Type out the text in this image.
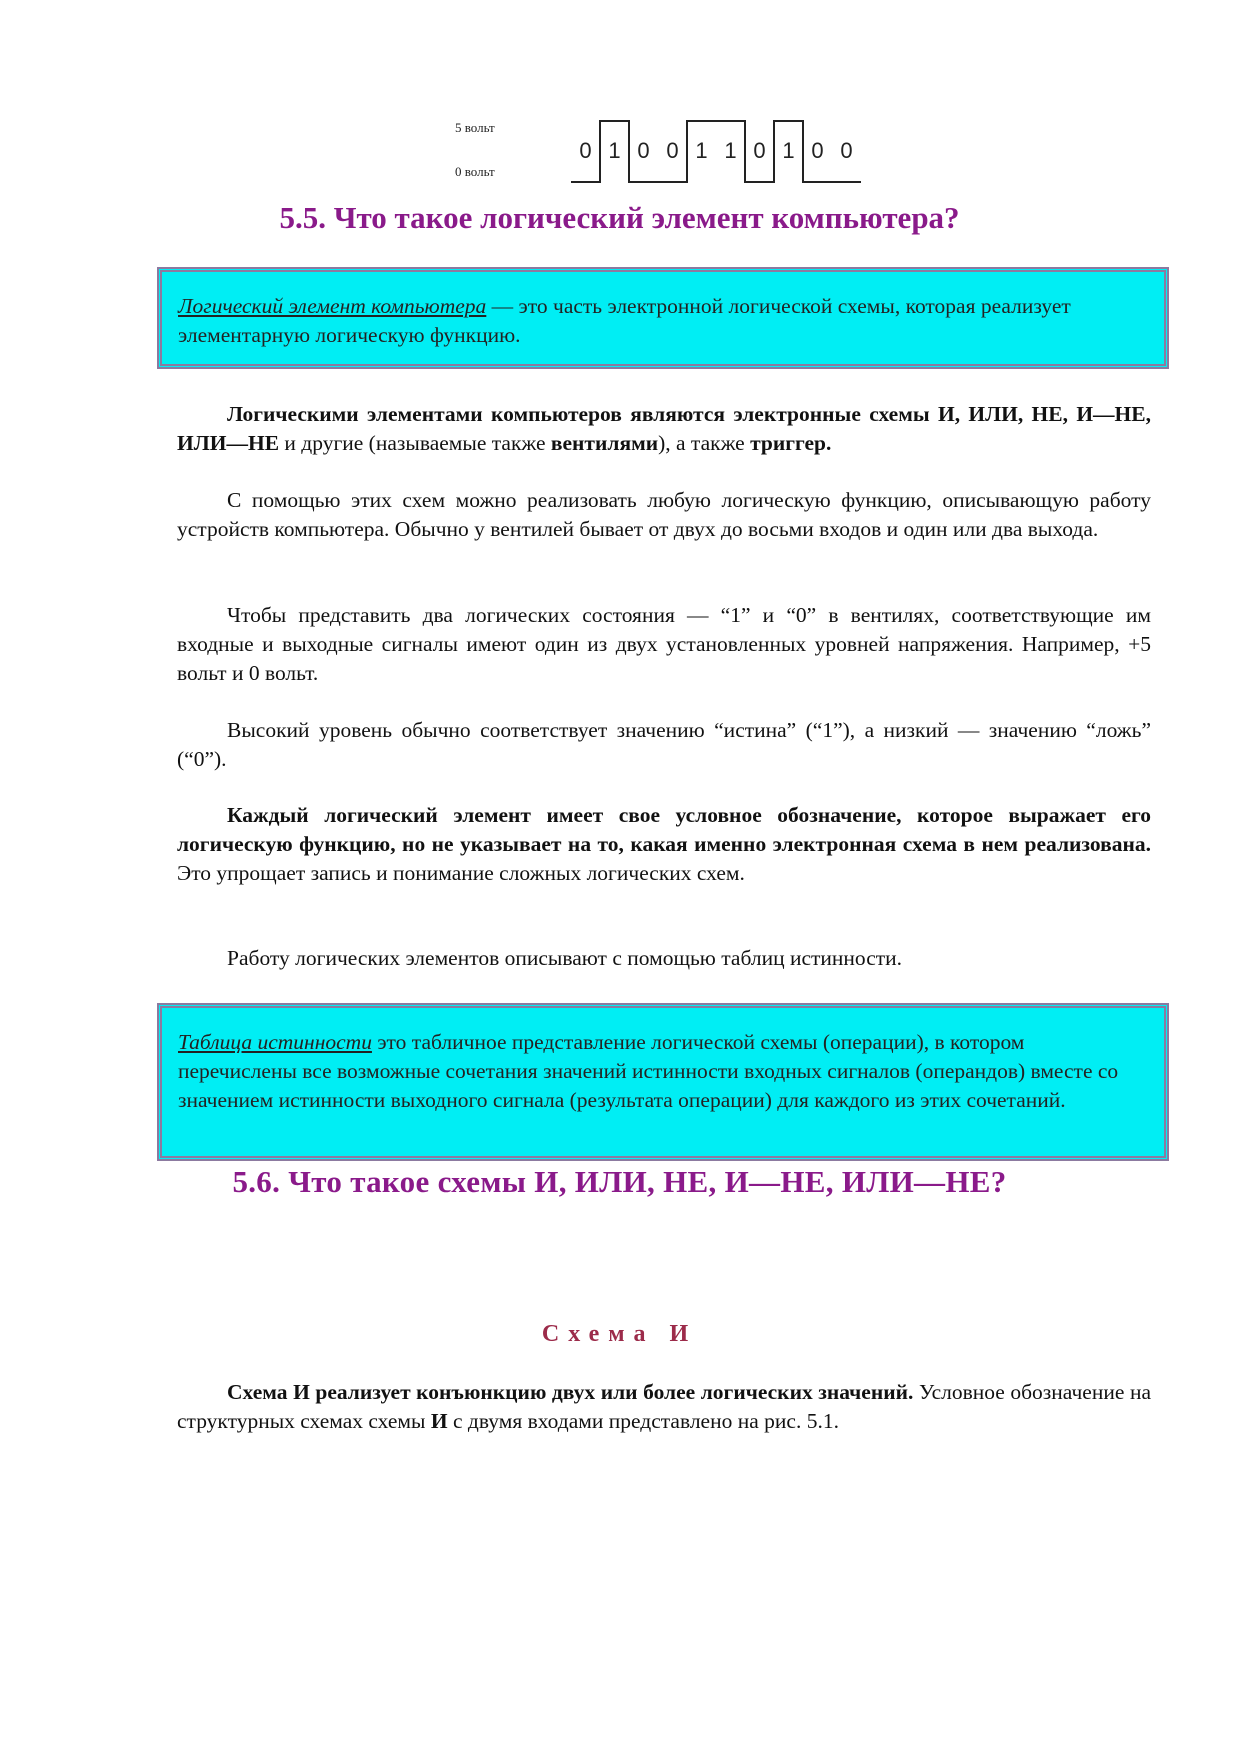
5 вольт
0 вольт
0 1 0 0 1 1 0 1 0 0
5.5. Что такое логический элемент компьютера?
Логический элемент компьютера — это часть электронной логической схемы, которая реализует элементарную логическую функцию.

Логическими элементами компьютеров являются электронные схемы И, ИЛИ, НЕ, И—НЕ, ИЛИ—НЕ и другие (называемые также вентилями), а также триггер.

С помощью этих схем можно реализовать любую логическую функцию, описывающую работу устройств компьютера. Обычно у вентилей бывает от двух до восьми входов и один или два выхода.

Чтобы представить два логических состояния — “1” и “0” в вентилях, соответствующие им входные и выходные сигналы имеют один из двух установленных уровней напряжения. Например, +5 вольт и 0 вольт.

Высокий уровень обычно соответствует значению “истина” (“1”), а низкий — значению “ложь” (“0”).

Каждый логический элемент имеет свое условное обозначение, которое выражает его логическую функцию, но не указывает на то, какая именно электронная схема в нем реализована. Это упрощает запись и понимание сложных логических схем.

Работу логических элементов описывают с помощью таблиц истинности.

Таблица истинности это табличное представление логической схемы (операции), в котором перечислены все возможные сочетания значений истинности входных сигналов (операндов) вместе со значением истинности выходного сигнала (результата операции) для каждого из этих сочетаний.
5.6. Что такое схемы И, ИЛИ, НЕ, И—НЕ, ИЛИ—НЕ?
Схема И

Схема И реализует конъюнкцию двух или более логических значений. Условное обозначение на структурных схемах схемы И с двумя входами представлено на рис. 5.1.
